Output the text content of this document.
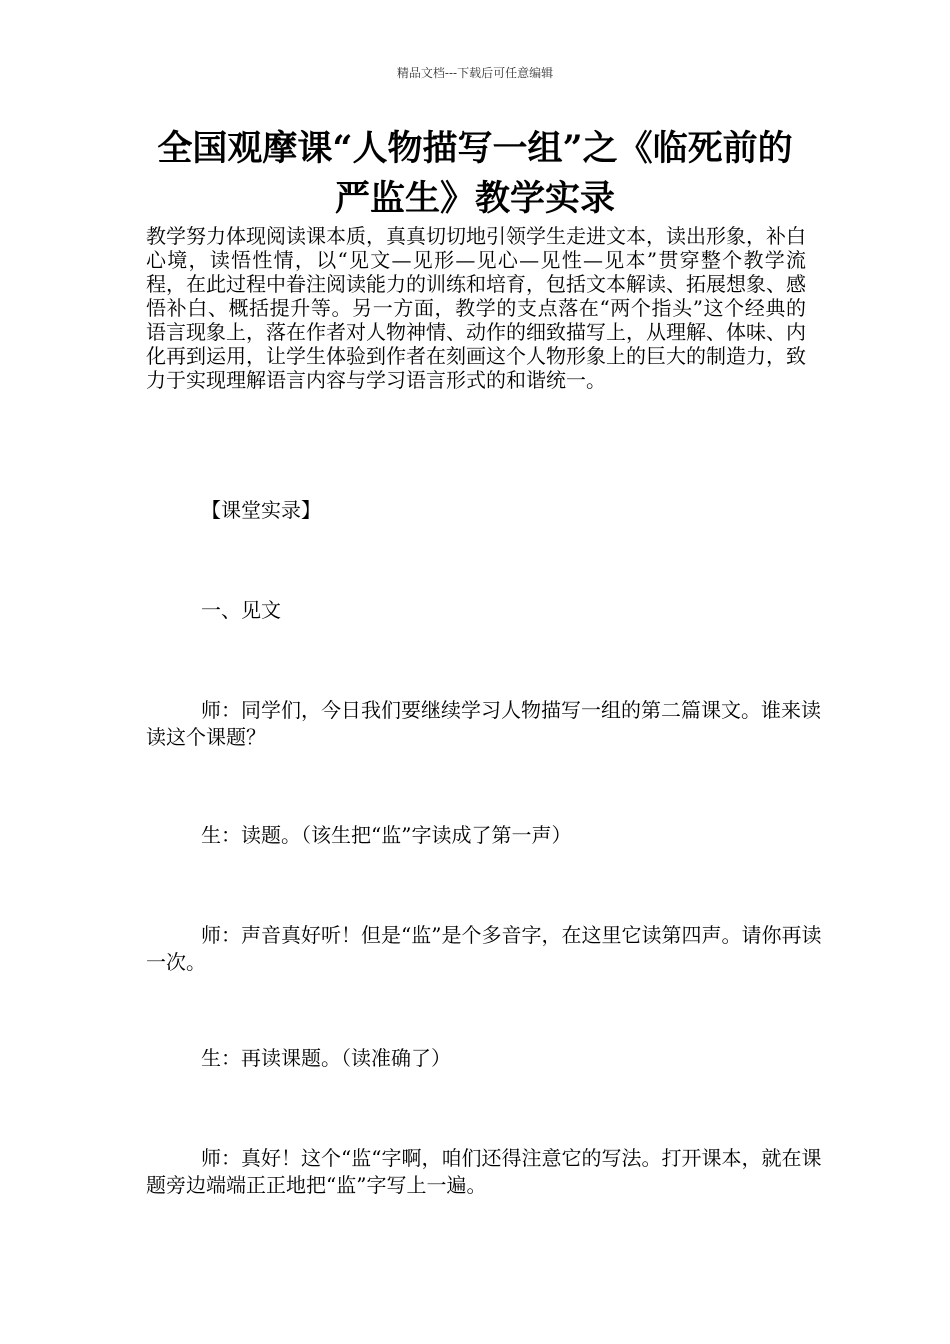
精品文档---下载后可任意编辑
全国观摩课“人物描写一组”之《临死前的严监生》教学实录

教学努力体现阅读课本质，真真切切地引领学生走进文本，读出形象，补白心境，读悟性情，以“见文—见形—见心—见性—见本”贯穿整个教学流程，在此过程中眷注阅读能力的训练和培育，包括文本解读、拓展想象、感悟补白、概括提升等。另一方面，教学的支点落在“两个指头”这个经典的语言现象上，落在作者对人物神情、动作的细致描写上，从理解、体味、内化再到运用，让学生体验到作者在刻画这个人物形象上的巨大的制造力，致力于实现理解语言内容与学习语言形式的和谐统一。

【课堂实录】

一、见文

师：同学们，今日我们要继续学习人物描写一组的第二篇课文。谁来读读这个课题？

生：读题。（该生把“监”字读成了第一声）

师：声音真好听！但是“监”是个多音字，在这里它读第四声。请你再读一次。

生：再读课题。（读准确了）

师：真好！这个“监“字啊，咱们还得注意它的写法。打开课本，就在课题旁边端端正正地把“监”字写上一遍。
